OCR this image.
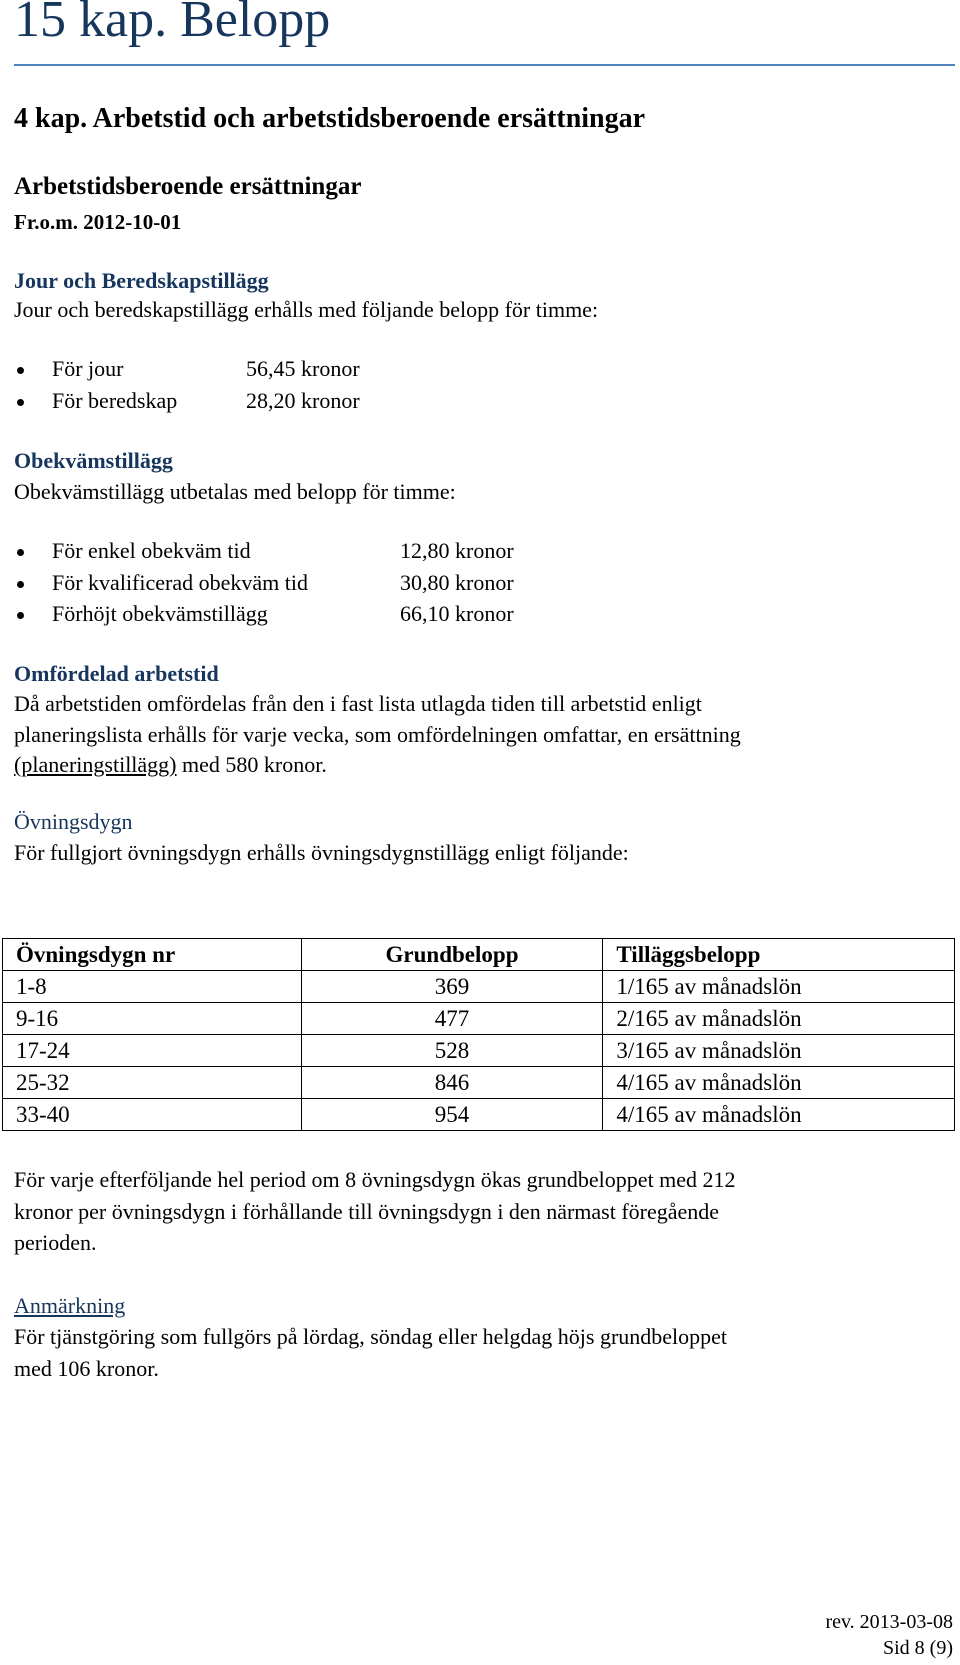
15 kap. Belopp
4 kap. Arbetstid och arbetstidsberoende ersättningar
Arbetstidsberoende ersättningar
Fr.o.m. 2012-10-01
Jour och Beredskapstillägg
Jour och beredskapstillägg erhålls med följande belopp för timme:
För jour	56,45 kronor
För beredskap	28,20 kronor
Obekvämstillägg
Obekvämstillägg utbetalas med belopp för timme:
För enkel obekväm tid	12,80 kronor
För kvalificerad obekväm tid	30,80 kronor
Förhöjt obekvämstillägg	66,10 kronor
Omfördelad arbetstid
Då arbetstiden omfördelas från den i fast lista utlagda tiden till arbetstid enligt
planeringslista erhålls för varje vecka, som omfördelningen omfattar, en ersättning
(planeringstillägg) med 580 kronor.
Övningsdygn
För fullgjort övningsdygn erhålls övningsdygnstillägg enligt följande:
Övningsdygn nr	Grundbelopp	Tilläggsbelopp
1-8	369	1/165 av månadslön
9-16	477	2/165 av månadslön
17-24	528	3/165 av månadslön
25-32	846	4/165 av månadslön
33-40	954	4/165 av månadslön
För varje efterföljande hel period om 8 övningsdygn ökas grundbeloppet med 212
kronor per övningsdygn i förhållande till övningsdygn i den närmast föregående
perioden.
Anmärkning
För tjänstgöring som fullgörs på lördag, söndag eller helgdag höjs grundbeloppet
med 106 kronor.
rev. 2013-03-08
Sid 8 (9)
